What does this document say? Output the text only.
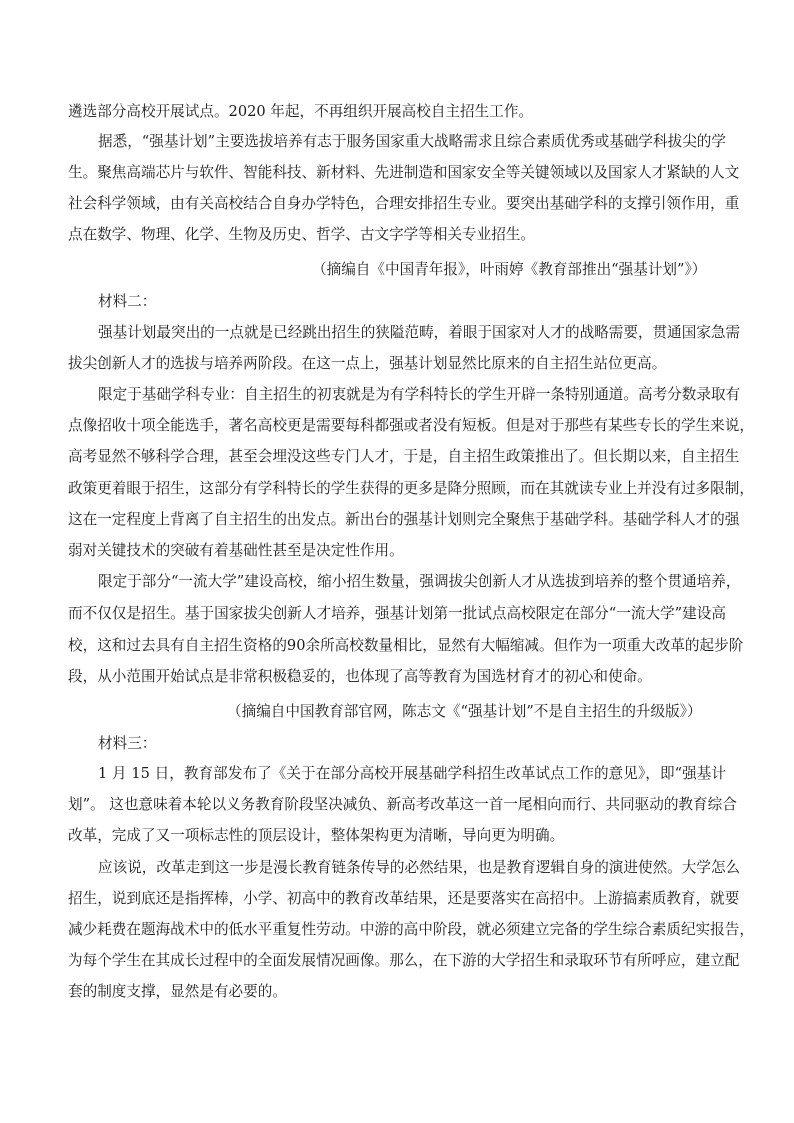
遴选部分高校开展试点。2020 年起，不再组织开展高校自主招生工作。
据悉，“强基计划”主要选拔培养有志于服务国家重大战略需求且综合素质优秀或基础学科拔尖的学
生。聚焦高端芯片与软件、智能科技、新材料、先进制造和国家安全等关键领域以及国家人才紧缺的人文
社会科学领域，由有关高校结合自身办学特色，合理安排招生专业。要突出基础学科的支撑引领作用，重
点在数学、物理、化学、生物及历史、哲学、古文字学等相关专业招生。
（摘编自《中国青年报》，叶雨婷《教育部推出“强基计划”》）
材料二：
强基计划最突出的一点就是已经跳出招生的狭隘范畴，着眼于国家对人才的战略需要，贯通国家急需
拔尖创新人才的选拔与培养两阶段。在这一点上，强基计划显然比原来的自主招生站位更高。
限定于基础学科专业：自主招生的初衷就是为有学科特长的学生开辟一条特别通道。高考分数录取有
点像招收十项全能选手，著名高校更是需要每科都强或者没有短板。但是对于那些有某些专长的学生来说，
高考显然不够科学合理，甚至会埋没这些专门人才，于是，自主招生政策推出了。但长期以来，自主招生
政策更着眼于招生，这部分有学科特长的学生获得的更多是降分照顾，而在其就读专业上并没有过多限制，
这在一定程度上背离了自主招生的出发点。新出台的强基计划则完全聚焦于基础学科。基础学科人才的强
弱对关键技术的突破有着基础性甚至是决定性作用。
限定于部分“一流大学”建设高校，缩小招生数量，强调拔尖创新人才从选拔到培养的整个贯通培养，
而不仅仅是招生。基于国家拔尖创新人才培养，强基计划第一批试点高校限定在部分“一流大学”建设高
校，这和过去具有自主招生资格的90余所高校数量相比，显然有大幅缩减。但作为一项重大改革的起步阶
段，从小范围开始试点是非常积极稳妥的，也体现了高等教育为国选材育才的初心和使命。
（摘编自中国教育部官网，陈志文《“强基计划”不是自主招生的升级版》）
材料三：
1 月 15 日，教育部发布了《关于在部分高校开展基础学科招生改革试点工作的意见》，即“强基计
划”。 这也意味着本轮以义务教育阶段坚决减负、新高考改革这一首一尾相向而行、共同驱动的教育综合
改革，完成了又一项标志性的顶层设计，整体架构更为清晰，导向更为明确。
应该说，改革走到这一步是漫长教育链条传导的必然结果，也是教育逻辑自身的演进使然。大学怎么
招生，说到底还是指挥棒，小学、初高中的教育改革结果，还是要落实在高招中。上游搞素质教育，就要
减少耗费在题海战术中的低水平重复性劳动。中游的高中阶段，就必须建立完备的学生综合素质纪实报告，
为每个学生在其成长过程中的全面发展情况画像。那么，在下游的大学招生和录取环节有所呼应，建立配
套的制度支撑，显然是有必要的。
